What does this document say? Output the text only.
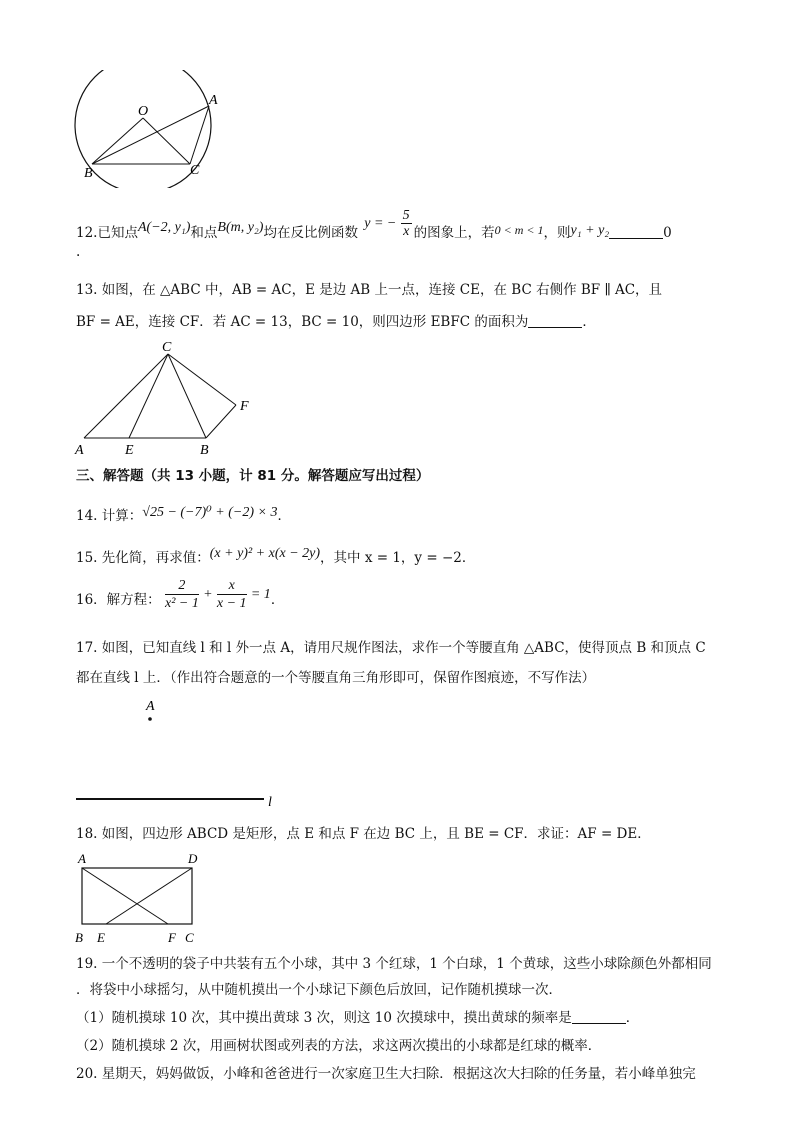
O
A
B	C
12.已知点A(−2, y₁)和点B(m, y₂)均在反比例函数 y = − $\frac{5}{x}$ 的图象上，若0 < m < 1，则y₁ + y₂	0
.
13. 如图，在 △ABC 中，AB = AC，E 是边 AB 上一点，连接 CE，在 BC 右侧作 BF ∥ AC，且
BF = AE，连接 CF．若 AC = 13，BC = 10，则四边形 EBFC 的面积为	．
C
A	E	B
F
三、解答题（共 13 小题，计 81 分。解答题应写出过程）
14. 计算：√25 − (−7)⁰ + (−2) × 3．
15. 先化简，再求值：(x + y)² + x(x − 2y)，其中 x = 1，y = −2．
16．解方程： $\frac{2}{\text{x² − 1}} + \frac{x}{x - 1} = 1$．
17. 如图，已知直线 l 和 l 外一点 A，请用尺规作图法，求作一个等腰直角 △ABC，使得顶点 B 和顶点 C
都在直线 l 上．（作出符合题意的一个等腰直角三角形即可，保留作图痕迹，不写作法）
A
l
18. 如图，四边形 ABCD 是矩形，点 E 和点 F 在边 BC 上，且 BE = CF．求证：AF = DE．
A	D
B E	F C
19. 一个不透明的袋子中共装有五个小球，其中 3 个红球，1 个白球，1 个黄球，这些小球除颜色外都相同
．将袋中小球摇匀，从中随机摸出一个小球记下颜色后放回，记作随机摸球一次．
（1）随机摸球 10 次，其中摸出黄球 3 次，则这 10 次摸球中，摸出黄球的频率是	．
（2）随机摸球 2 次，用画树状图或列表的方法，求这两次摸出的小球都是红球的概率．
20. 星期天，妈妈做饭，小峰和爸爸进行一次家庭卫生大扫除．根据这次大扫除的任务量，若小峰单独完
